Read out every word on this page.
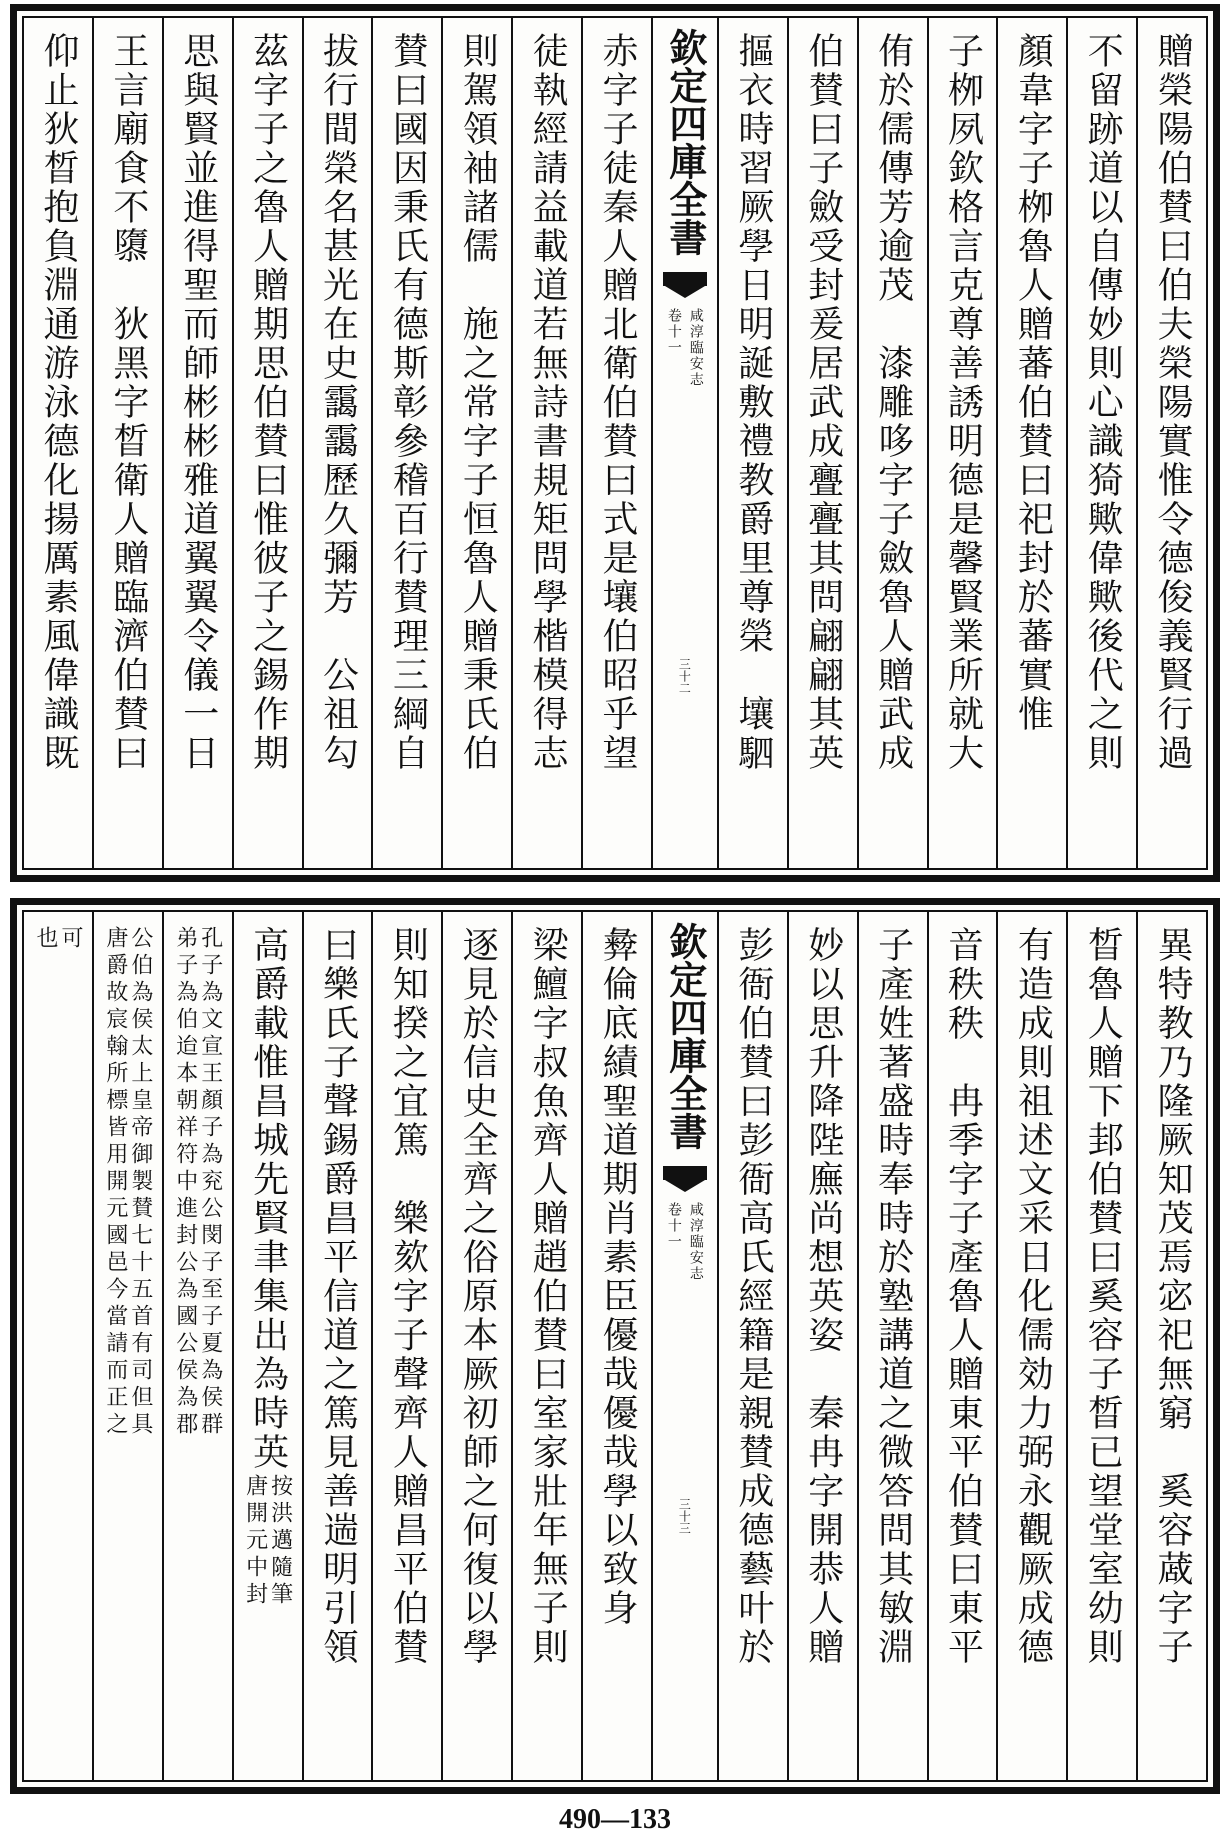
贈榮陽伯賛曰伯夫榮陽實惟令德俊義賢行過
不留跡道以自傳妙則心識猗歟偉歟後代之則
顏韋字子栁魯人贈蕃伯賛曰祀封於蕃實惟
子栁夙欽格言克尊善誘明德是馨賢業所就大
侑於儒傳芳逾茂　漆雕哆字子斂魯人贈武成
伯賛曰子斂受封爰居武成亹亹其問翩翩其英
摳衣時習厥學日明誕敷禮教爵里尊榮　壤駟
欽定四庫全書
咸淳臨安志
卷十一
三十二
赤字子徒秦人贈北衛伯賛曰式是壤伯昭乎望
徒執經請益載道若無詩書規矩問學楷模得志
則駕領袖諸儒　施之常字子恒魯人贈秉氏伯
賛曰國因秉氏有德斯彰參稽百行賛理三綱自
拔行間榮名甚光在史靄靄歷久彌芳　公祖勾
茲字子之魯人贈期思伯賛曰惟彼子之錫作期
思與賢並進得聖而師彬彬雅道翼翼令儀一日
王言廟食不隳　狄黑字晳衛人贈臨濟伯賛曰
仰止狄晳抱負淵通游泳德化揚厲素風偉識既
異特教乃隆厥知茂焉宓祀無窮　奚容蒧字子
晳魯人贈下邽伯賛曰奚容子晳已望堂室幼則
有造成則祖述文采日化儒効力弼永觀厥成德
音秩秩　冉季字子產魯人贈東平伯賛曰東平
子產姓著盛時奉時於塾講道之微答問其敏淵
妙以思升降陛廡尚想英姿　秦冉字開恭人贈
彭衙伯賛曰彭衙高氏經籍是親賛成德藝叶於
欽定四庫全書
咸淳臨安志
卷十一
三十三
彜倫底績聖道期肖素臣優哉優哉學以致身
梁鱣字叔魚齊人贈趙伯賛曰室家壯年無子則
逐見於信史全齊之俗原本厥初師之何復以學
則知揆之宜篤　樂欬字子聲齊人贈昌平伯賛
曰樂氏子聲錫爵昌平信道之篤見善遄明引領
高爵載惟昌城先賢聿集出為時英
按洪邁隨筆
唐開元中封
孔子為文宣王顏子為兖公閔子至子夏為侯群
弟子為伯迨本朝祥符中進封公為國公侯為郡
公伯為侯太上皇帝御製賛七十五首有司但具
唐爵故宸翰所標皆用開元國邑今當請而正之
可
也
490—133
